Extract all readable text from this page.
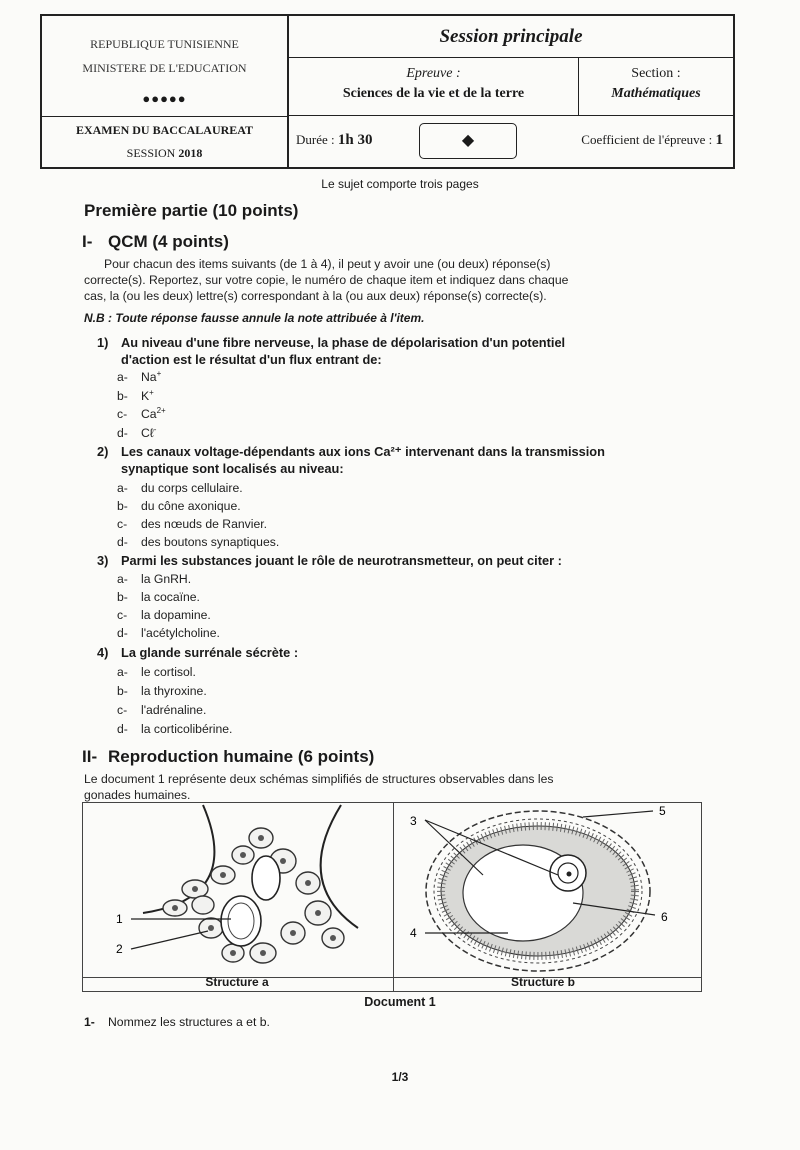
REPUBLIQUE TUNISIENNE
MINISTERE DE L'EDUCATION
●●●●●
EXAMEN DU BACCALAUREAT
SESSION 2018
Session principale
Epreuve :
Sciences de la vie et de la terre
Section :
Mathématiques
Durée : 1h 30	◆	Coefficient de l'épreuve : 1
Le sujet comporte trois pages
Première partie (10 points)
I- QCM (4 points)
Pour chacun des items suivants (de 1 à 4), il peut y avoir une (ou deux) réponse(s)
correcte(s). Reportez, sur votre copie, le numéro de chaque item et indiquez dans chaque
cas, la (ou les deux) lettre(s) correspondant à la (ou aux deux) réponse(s) correcte(s).
N.B : Toute réponse fausse annule la note attribuée à l'item.
1) Au niveau d'une fibre nerveuse, la phase de dépolarisation d'un potentiel
d'action est le résultat d'un flux entrant de:
a- Na+
b- K+
c- $Ca^{2+}$
d- Cℓ-
2) Les canaux voltage-dépendants aux ions Ca²⁺ intervenant dans la transmission
synaptique sont localisés au niveau:
a- du corps cellulaire.
b- du cône axonique.
c- des nœuds de Ranvier.
d- des boutons synaptiques.
3) Parmi les substances jouant le rôle de neurotransmetteur, on peut citer :
a- la GnRH.
b- la cocaïne.
c- la dopamine.
d- l'acétylcholine.
4) La glande surrénale sécrète :
a- le cortisol.
b- la thyroxine.
c- l'adrénaline.
d- la corticolibérine.
II- Reproduction humaine (6 points)
Le document 1 représente deux schémas simplifiés de structures observables dans les
gonades humaines.
1
2
3
4
5
6
Structure a	Structure b
Document 1
1- Nommez les structures a et b.
1/3
